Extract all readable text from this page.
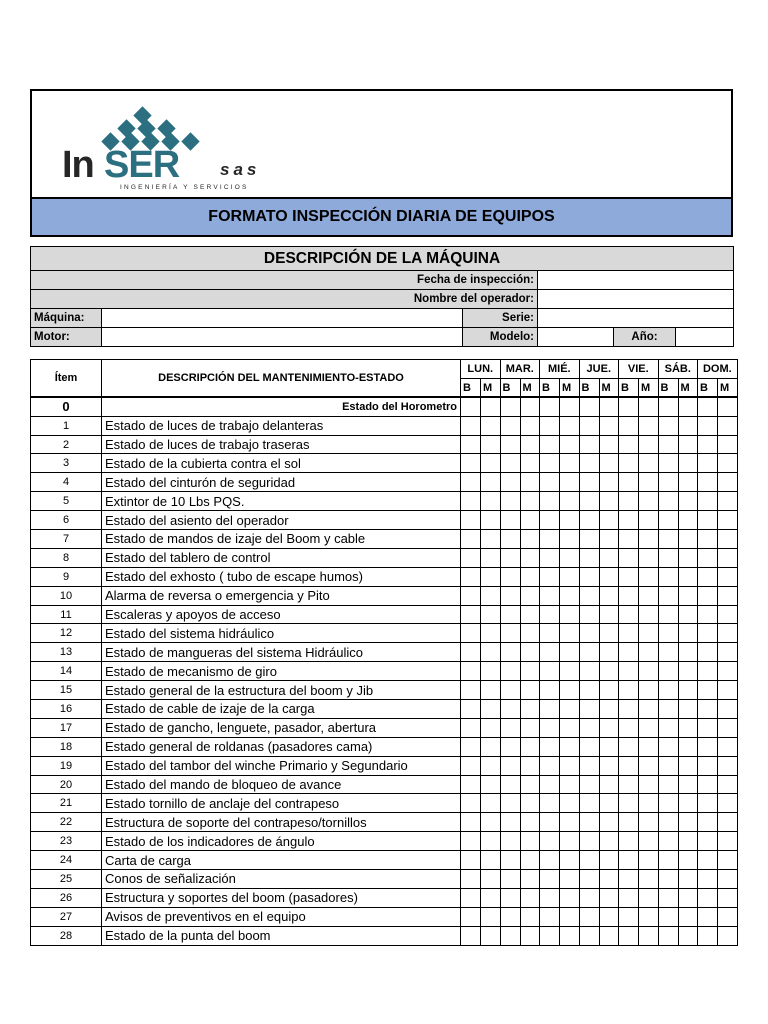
In SER sas
INGENIERÍA Y SERVICIOS
FORMATO INSPECCIÓN DIARIA DE EQUIPOS
DESCRIPCIÓN DE LA MÁQUINA					
Fecha de inspección:					
Nombre del operador:					
Máquina:		Serie:			
Motor:		Modelo:		Año:	
Ítem	DESCRIPCIÓN DEL MANTENIMIENTO-ESTADO	LUN.		MAR.		MIÉ.		JUE.		VIE.		SÁB.		DOM.	
		B	M	B	M	B	M	B	M	B	M	B	M	B	M
0	Estado del Horometro														
1	Estado de luces de trabajo delanteras														
2	Estado de luces de trabajo traseras														
3	Estado de la cubierta contra el sol														
4	Estado del cinturón de seguridad														
5	Extintor de 10 Lbs PQS.														
6	Estado del asiento del operador														
7	Estado de mandos de izaje del Boom y cable														
8	Estado del tablero de control														
9	Estado del exhosto ( tubo de escape humos)														
10	Alarma de reversa o emergencia y Pito														
11	Escaleras y apoyos de acceso														
12	Estado del sistema hidráulico														
13	Estado de mangueras del sistema Hidráulico														
14	Estado de mecanismo de giro														
15	Estado general de la estructura del boom y Jib														
16	Estado de cable de izaje de la carga														
17	Estado de gancho, lenguete, pasador, abertura														
18	Estado general de roldanas (pasadores cama)														
19	Estado del tambor del winche Primario y Segundario														
20	Estado del mando de bloqueo de avance														
21	Estado tornillo de anclaje del contrapeso														
22	Estructura de soporte del contrapeso/tornillos														
23	Estado de los indicadores de ángulo														
24	Carta de carga														
25	Conos de señalización														
26	Estructura y soportes del boom (pasadores)														
27	Avisos de preventivos en el equipo														
28	Estado de la punta del boom														
